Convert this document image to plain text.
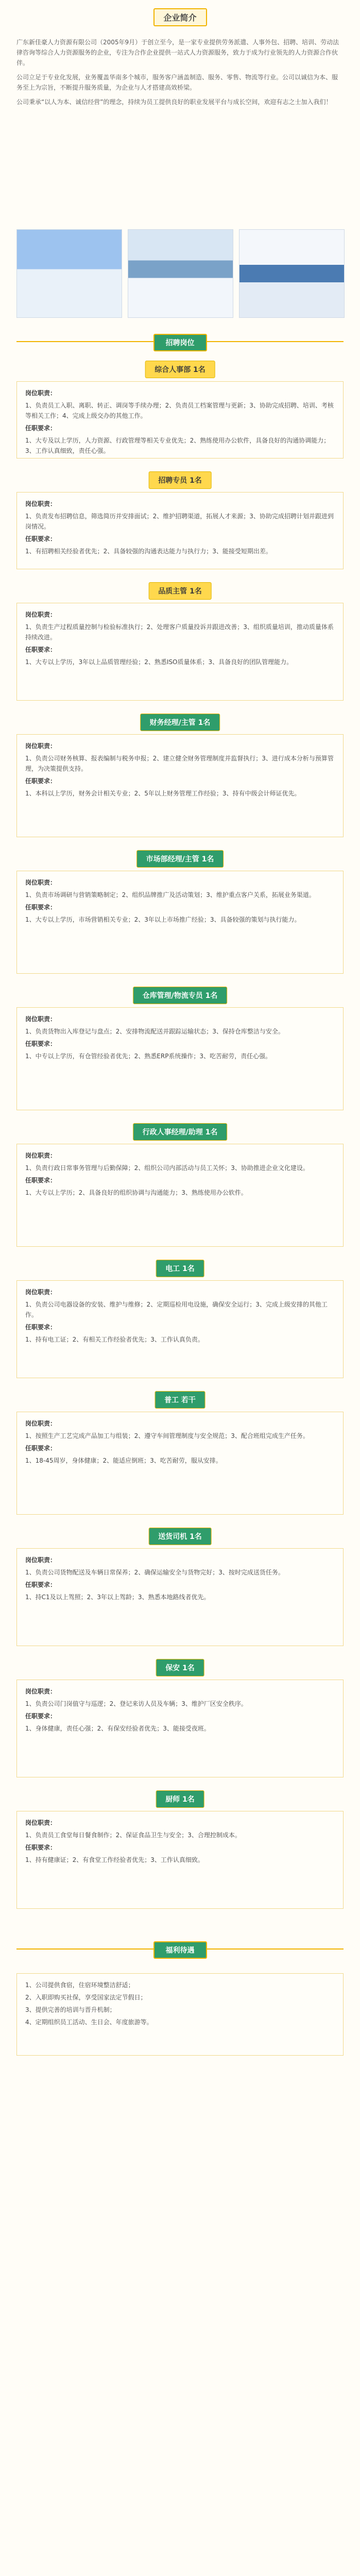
企业简介

广东新佳豪人力资源有限公司（2005年9月）于创立至今，是一家专业提供劳务派遣、人事外包、招聘、培训、劳动法律咨询等综合人力资源服务的企业，专注为合作企业提供一站式人力资源服务，致力于成为行业领先的人力资源合作伙伴。

公司立足于专业化发展，业务覆盖华南多个城市，服务客户涵盖制造、服务、零售、物流等行业。公司以诚信为本、服务至上为宗旨，不断提升服务质量，为企业与人才搭建高效桥梁。

公司秉承“以人为本、诚信经营”的理念，持续为员工提供良好的职业发展平台与成长空间，欢迎有志之士加入我们！

招聘岗位
综合人事部 1名
岗位职责：

1、负责员工入职、离职、转正、调岗等手续办理；2、负责员工档案管理与更新；3、协助完成招聘、培训、考核等相关工作；4、完成上级交办的其他工作。

任职要求：

1、大专及以上学历，人力资源、行政管理等相关专业优先；2、熟练使用办公软件，具备良好的沟通协调能力；3、工作认真细致，责任心强。

招聘专员 1名
岗位职责：

1、负责发布招聘信息，筛选简历并安排面试；2、维护招聘渠道，拓展人才来源；3、协助完成招聘计划并跟进到岗情况。

任职要求：

1、有招聘相关经验者优先；2、具备较强的沟通表达能力与执行力；3、能接受短期出差。

品质主管 1名
岗位职责：

1、负责生产过程质量控制与检验标准执行；2、处理客户质量投诉并跟进改善；3、组织质量培训，推动质量体系持续改进。

任职要求：

1、大专以上学历，3年以上品质管理经验；2、熟悉ISO质量体系；3、具备良好的团队管理能力。

财务经理/主管 1名
岗位职责：

1、负责公司财务核算、报表编制与税务申报；2、建立健全财务管理制度并监督执行；3、进行成本分析与预算管理，为决策提供支持。

任职要求：

1、本科以上学历，财务会计相关专业；2、5年以上财务管理工作经验；3、持有中级会计师证优先。

市场部经理/主管 1名
岗位职责：

1、负责市场调研与营销策略制定；2、组织品牌推广及活动策划；3、维护重点客户关系，拓展业务渠道。

任职要求：

1、大专以上学历，市场营销相关专业；2、3年以上市场推广经验；3、具备较强的策划与执行能力。

仓库管理/物流专员 1名
岗位职责：

1、负责货物出入库登记与盘点；2、安排物流配送并跟踪运输状态；3、保持仓库整洁与安全。

任职要求：

1、中专以上学历，有仓管经验者优先；2、熟悉ERP系统操作；3、吃苦耐劳，责任心强。

行政人事经理/助理 1名
岗位职责：

1、负责行政日常事务管理与后勤保障；2、组织公司内部活动与员工关怀；3、协助推进企业文化建设。

任职要求：

1、大专以上学历；2、具备良好的组织协调与沟通能力；3、熟练使用办公软件。

电工 1名
岗位职责：

1、负责公司电器设备的安装、维护与维修；2、定期巡检用电设施，确保安全运行；3、完成上级安排的其他工作。

任职要求：

1、持有电工证；2、有相关工作经验者优先；3、工作认真负责。

普工 若干
岗位职责：

1、按照生产工艺完成产品加工与组装；2、遵守车间管理制度与安全规范；3、配合班组完成生产任务。

任职要求：

1、18-45周岁，身体健康；2、能适应倒班；3、吃苦耐劳，服从安排。

送货司机 1名
岗位职责：

1、负责公司货物配送及车辆日常保养；2、确保运输安全与货物完好；3、按时完成送货任务。

任职要求：

1、持C1及以上驾照；2、3年以上驾龄；3、熟悉本地路线者优先。

保安 1名
岗位职责：

1、负责公司门岗值守与巡逻；2、登记来访人员及车辆；3、维护厂区安全秩序。

任职要求：

1、身体健康，责任心强；2、有保安经验者优先；3、能接受夜班。

厨师 1名
岗位职责：

1、负责员工食堂每日餐食制作；2、保证食品卫生与安全；3、合理控制成本。

任职要求：

1、持有健康证；2、有食堂工作经验者优先；3、工作认真细致。

福利待遇

1、公司提供食宿，住宿环境整洁舒适；

2、入职即购买社保，享受国家法定节假日；

3、提供完善的培训与晋升机制；

4、定期组织员工活动、生日会、年度旅游等。
